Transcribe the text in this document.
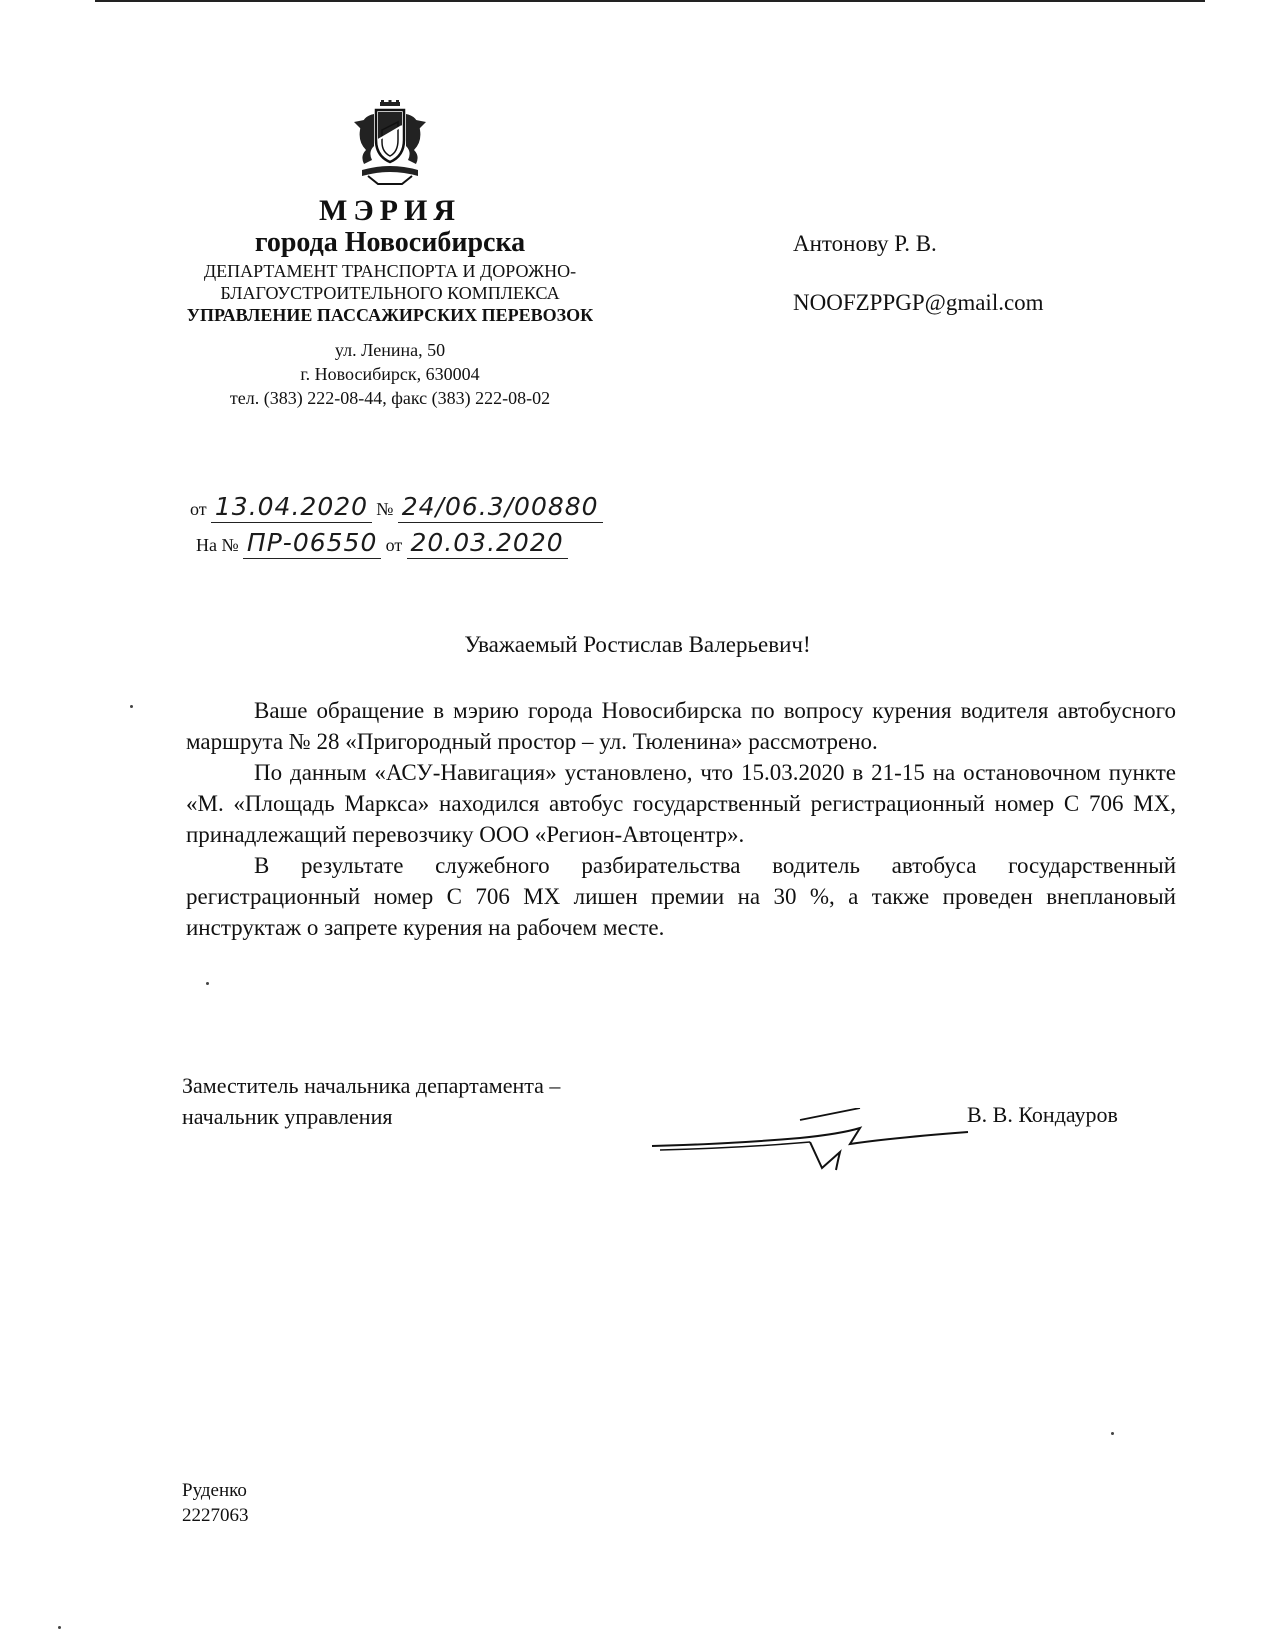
МЭРИЯ
города Новосибирска
ДЕПАРТАМЕНТ ТРАНСПОРТА И ДОРОЖНО-БЛАГОУСТРОИТЕЛЬНОГО КОМПЛЕКСА
УПРАВЛЕНИЕ ПАССАЖИРСКИХ ПЕРЕВОЗОК
ул. Ленина, 50
г. Новосибирск, 630004
тел. (383) 222-08-44, факс (383) 222-08-02
от 13.04.2020 № 24/06.3/00880
На № ПР-06550 от 20.03.2020
Антонову Р. В.
NOOFZPPGP@gmail.com
Уважаемый Ростислав Валерьевич!

Ваше обращение в мэрию города Новосибирска по вопросу курения водителя автобусного маршрута № 28 «Пригородный простор – ул. Тюленина» рассмотрено.

По данным «АСУ-Навигация» установлено, что 15.03.2020 в 21-15 на остановочном пункте «М. «Площадь Маркса» находился автобус государственный регистрационный номер С 706 МХ, принадлежащий перевозчику ООО «Регион-Автоцентр».

В результате служебного разбирательства водитель автобуса государственный регистрационный номер С 706 МХ лишен премии на 30 %, а также проведен внеплановый инструктаж о запрете курения на рабочем месте.

Заместитель начальника департамента –
начальник управления	В. В. Кондауров
Руденко
2227063
